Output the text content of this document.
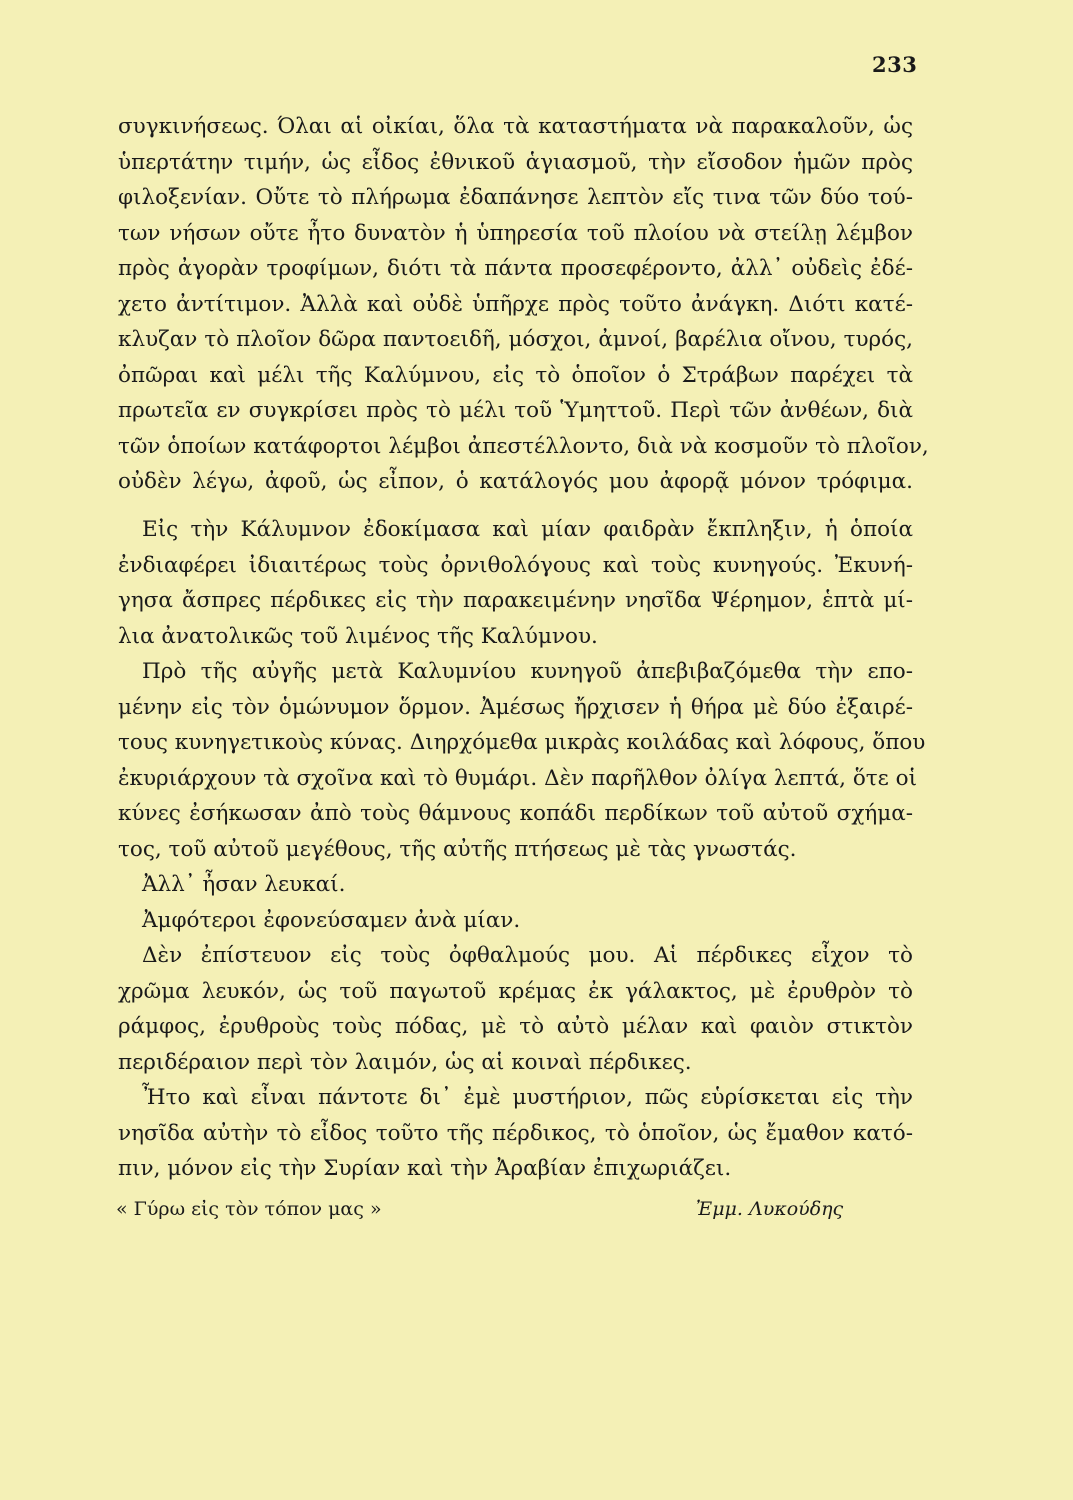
233
συγκινήσεως. Όλαι αἱ οἰκίαι, ὅλα τὰ καταστήματα νὰ παρακαλοῦν, ὡς
ὑπερτάτην τιμήν, ὡς εἶδος ἐθνικοῦ ἁγιασμοῦ, τὴν εἴσοδον ἡμῶν πρὸς
φιλοξενίαν. Οὔτε τὸ πλήρωμα ἐδαπάνησε λεπτὸν εἴς τινα τῶν δύο τού-
των νήσων οὔτε ἦτο δυνατὸν ἡ ὑπηρεσία τοῦ πλοίου νὰ στείλῃ λέμβον
πρὸς ἀγορὰν τροφίμων, διότι τὰ πάντα προσεφέροντο, ἀλλ᾽ οὐδεὶς ἐδέ-
χετο ἀντίτιμον. Ἀλλὰ καὶ οὐδὲ ὑπῆρχε πρὸς τοῦτο ἀνάγκη. Διότι κατέ-
κλυζαν τὸ πλοῖον δῶρα παντοειδῆ, μόσχοι, ἀμνοί, βαρέλια οἴνου, τυρός,
ὀπῶραι καὶ μέλι τῆς Καλύμνου, εἰς τὸ ὁποῖον ὁ Στράβων παρέχει τὰ
πρωτεῖα εν συγκρίσει πρὸς τὸ μέλι τοῦ Ὑμηττοῦ. Περὶ τῶν ἀνθέων, διὰ
τῶν ὁποίων κατάφορτοι λέμβοι ἀπεστέλλοντο, διὰ νὰ κοσμοῦν τὸ πλοῖον,
οὐδὲν λέγω, ἀφοῦ, ὡς εἶπον, ὁ κατάλογός μου ἀφορᾷ μόνον τρόφιμα.
Εἰς τὴν Κάλυμνον ἐδοκίμασα καὶ μίαν φαιδρὰν ἔκπληξιν, ἡ ὁποία
ἐνδιαφέρει ἰδιαιτέρως τοὺς ὀρνιθολόγους καὶ τοὺς κυνηγούς. Ἐκυνή-
γησα ἄσπρες πέρδικες εἰς τὴν παρακειμένην νησῖδα Ψέρημον, ἑπτὰ μί-
λια ἀνατολικῶς τοῦ λιμένος τῆς Καλύμνου.
Πρὸ τῆς αὐγῆς μετὰ Καλυμνίου κυνηγοῦ ἀπεβιβαζόμεθα τὴν επο-
μένην εἰς τὸν ὁμώνυμον ὅρμον. Ἀμέσως ἤρχισεν ἡ θήρα μὲ δύο ἐξαιρέ-
τους κυνηγετικοὺς κύνας. Διηρχόμεθα μικρὰς κοιλάδας καὶ λόφους, ὅπου
ἐκυριάρχουν τὰ σχοῖνα καὶ τὸ θυμάρι. Δὲν παρῆλθον ὀλίγα λεπτά, ὅτε οἱ
κύνες ἐσήκωσαν ἀπὸ τοὺς θάμνους κοπάδι περδίκων τοῦ αὐτοῦ σχήμα-
τος, τοῦ αὐτοῦ μεγέθους, τῆς αὐτῆς πτήσεως μὲ τὰς γνωστάς.
Ἀλλ᾽ ἦσαν λευκαί.
Ἀμφότεροι ἐφονεύσαμεν ἀνὰ μίαν.
Δὲν ἐπίστευον εἰς τοὺς ὀφθαλμούς μου. Αἱ πέρδικες εἶχον τὸ
χρῶμα λευκόν, ὡς τοῦ παγωτοῦ κρέμας ἐκ γάλακτος, μὲ ἐρυθρὸν τὸ
ράμφος, ἐρυθροὺς τοὺς πόδας, μὲ τὸ αὐτὸ μέλαν καὶ φαιὸν στικτὸν
περιδέραιον περὶ τὸν λαιμόν, ὡς αἱ κοιναὶ πέρδικες.
Ἦτο καὶ εἶναι πάντοτε δι᾽ ἐμὲ μυστήριον, πῶς εὑρίσκεται εἰς τὴν
νησῖδα αὐτὴν τὸ εἶδος τοῦτο τῆς πέρδικος, τὸ ὁποῖον, ὡς ἔμαθον κατό-
πιν, μόνον εἰς τὴν Συρίαν καὶ τὴν Ἀραβίαν ἐπιχωριάζει.
« Γύρω εἰς τὸν τόπον μας »	Ἐμμ. Λυκούδης
